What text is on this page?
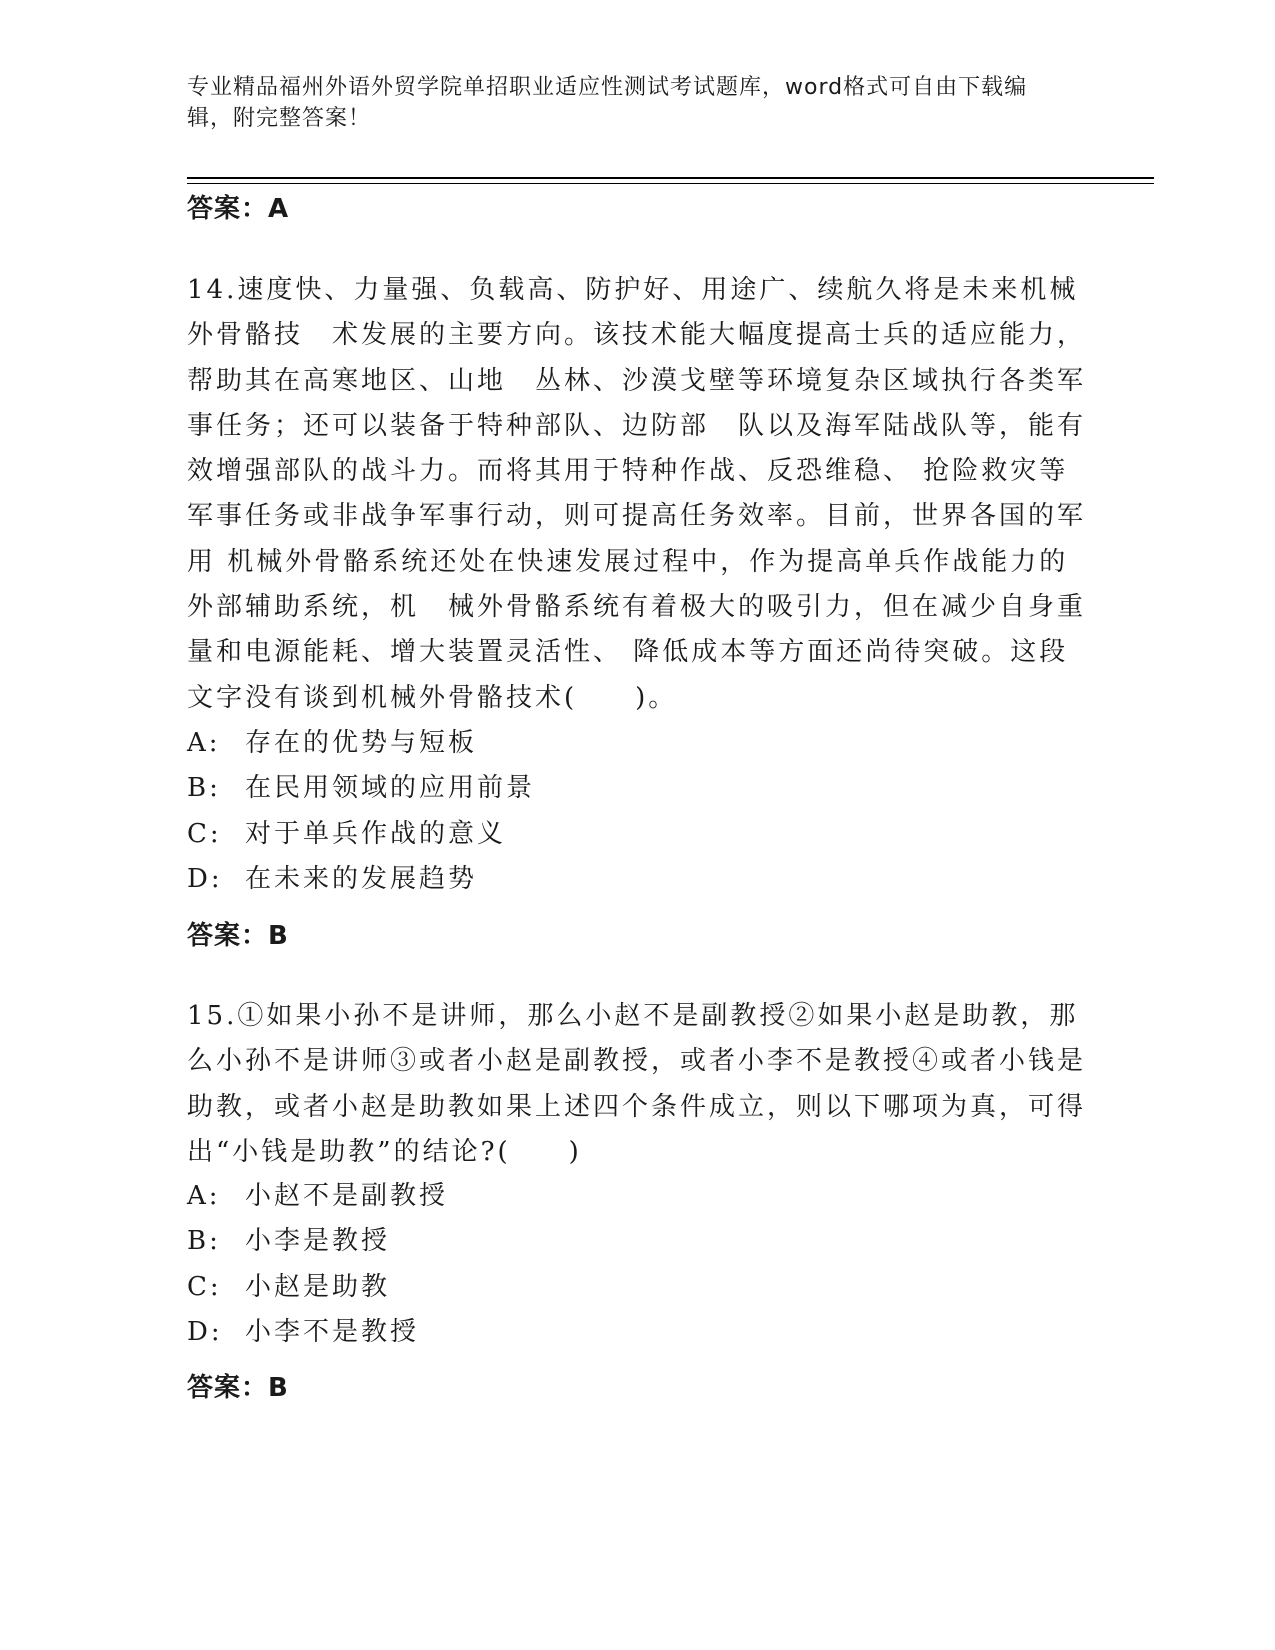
专业精品福州外语外贸学院单招职业适应性测试考试题库，word格式可自由下载编辑，附完整答案！
答案：A
14.速度快、力量强、负载高、防护好、用途广、续航久将是未来机械外骨骼技　术发展的主要方向。该技术能大幅度提高士兵的适应能力，帮助其在高寒地区、山地　丛林、沙漠戈壁等环境复杂区域执行各类军事任务；还可以装备于特种部队、边防部　队以及海军陆战队等，能有效增强部队的战斗力。而将其用于特种作战、反恐维稳、 抢险救灾等军事任务或非战争军事行动，则可提高任务效率。目前，世界各国的军用 机械外骨骼系统还处在快速发展过程中，作为提高单兵作战能力的外部辅助系统，机　械外骨骼系统有着极大的吸引力，但在减少自身重量和电源能耗、增大装置灵活性、 降低成本等方面还尚待突破。这段文字没有谈到机械外骨骼技术(　　)。
A: 存在的优势与短板
B: 在民用领域的应用前景
C: 对于单兵作战的意义
D: 在未来的发展趋势
答案：B
15.①如果小孙不是讲师，那么小赵不是副教授②如果小赵是助教，那么小孙不是讲师③或者小赵是副教授，或者小李不是教授④或者小钱是助教，或者小赵是助教如果上述四个条件成立，则以下哪项为真，可得出“小钱是助教”的结论?(　　)
A: 小赵不是副教授
B: 小李是教授
C: 小赵是助教
D: 小李不是教授
答案：B
